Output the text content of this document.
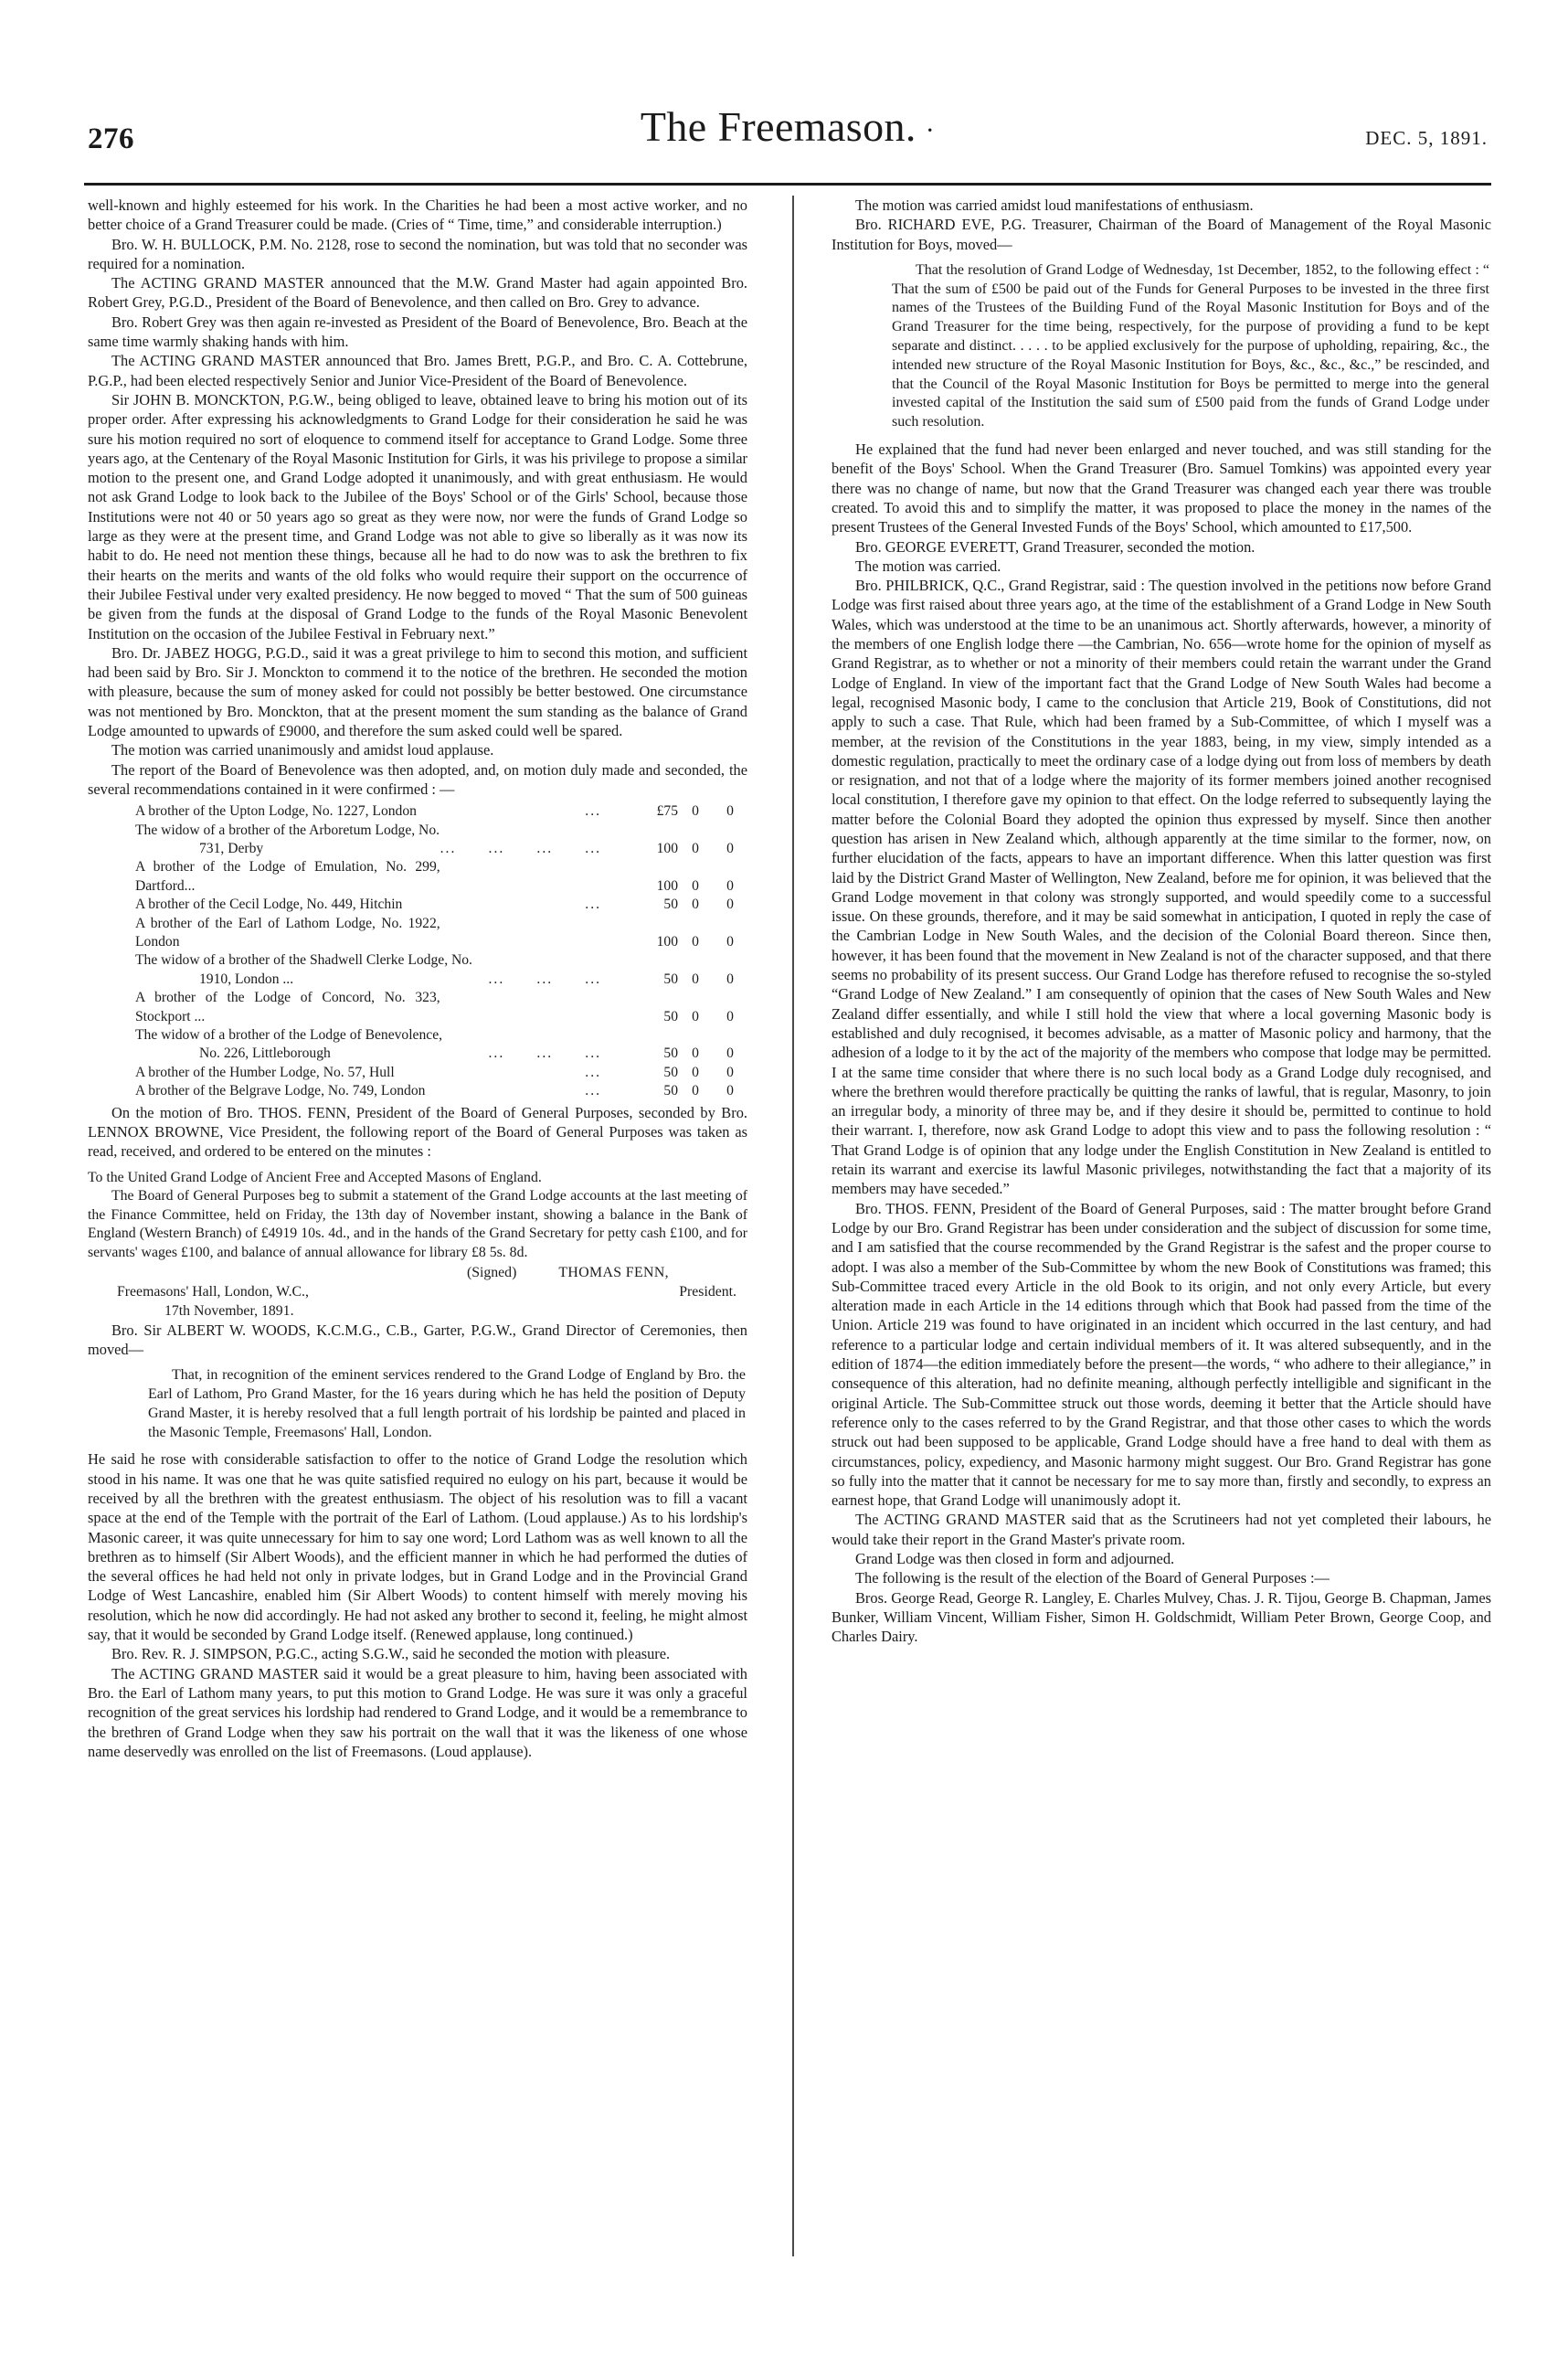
276	The Freemason. ·	DEC. 5, 1891.

well-known and highly esteemed for his work. In the Charities he had been a most active worker, and no better choice of a Grand Treasurer could be made. (Cries of “ Time, time,” and considerable interruption.)

Bro. W. H. BULLOCK, P.M. No. 2128, rose to second the nomination, but was told that no seconder was required for a nomination.

The ACTING GRAND MASTER announced that the M.W. Grand Master had again appointed Bro. Robert Grey, P.G.D., President of the Board of Benevolence, and then called on Bro. Grey to advance.

Bro. Robert Grey was then again re-invested as President of the Board of Benevolence, Bro. Beach at the same time warmly shaking hands with him.

The ACTING GRAND MASTER announced that Bro. James Brett, P.G.P., and Bro. C. A. Cottebrune, P.G.P., had been elected respectively Senior and Junior Vice-President of the Board of Benevolence.

Sir JOHN B. MONCKTON, P.G.W., being obliged to leave, obtained leave to bring his motion out of its proper order. After expressing his acknowledgments to Grand Lodge for their consideration he said he was sure his motion required no sort of eloquence to commend itself for acceptance to Grand Lodge. Some three years ago, at the Centenary of the Royal Masonic Institution for Girls, it was his privilege to propose a similar motion to the present one, and Grand Lodge adopted it unanimously, and with great enthusiasm. He would not ask Grand Lodge to look back to the Jubilee of the Boys' School or of the Girls' School, because those Institutions were not 40 or 50 years ago so great as they were now, nor were the funds of Grand Lodge so large as they were at the present time, and Grand Lodge was not able to give so liberally as it was now its habit to do. He need not mention these things, because all he had to do now was to ask the brethren to fix their hearts on the merits and wants of the old folks who would require their support on the occurrence of their Jubilee Festival under very exalted presidency. He now begged to moved “ That the sum of 500 guineas be given from the funds at the disposal of Grand Lodge to the funds of the Royal Masonic Benevolent Institution on the occasion of the Jubilee Festival in February next.”

Bro. Dr. JABEZ HOGG, P.G.D., said it was a great privilege to him to second this motion, and sufficient had been said by Bro. Sir J. Monckton to commend it to the notice of the brethren. He seconded the motion with pleasure, because the sum of money asked for could not possibly be better bestowed. One circumstance was not mentioned by Bro. Monckton, that at the present moment the sum standing as the balance of Grand Lodge amounted to upwards of £9000, and therefore the sum asked could well be spared.

The motion was carried unanimously and amidst loud applause.

The report of the Board of Benevolence was then adopted, and, on motion duly made and seconded, the several recommendations contained in it were confirmed : —

A brother of the Upton Lodge, No. 1227, London	...	£75	0	0
The widow of a brother of the Arboretum Lodge, No.				
731, Derby	...  ...  ...  ...	100	0	0
A brother of the Lodge of Emulation, No. 299, Dartford...		100	0	0
A brother of the Cecil Lodge, No. 449, Hitchin	...	50	0	0
A brother of the Earl of Lathom Lodge, No. 1922, London		100	0	0
The widow of a brother of the Shadwell Clerke Lodge, No.				
1910, London ...	...  ...  ...	50	0	0
A brother of the Lodge of Concord, No. 323, Stockport ...		50	0	0
The widow of a brother of the Lodge of Benevolence,				
No. 226, Littleborough	...  ...  ...	50	0	0
A brother of the Humber Lodge, No. 57, Hull	...	50	0	0
A brother of the Belgrave Lodge, No. 749, London	...	50	0	0

On the motion of Bro. THOS. FENN, President of the Board of General Purposes, seconded by Bro. LENNOX BROWNE, Vice President, the following report of the Board of General Purposes was taken as read, received, and ordered to be entered on the minutes :

To the United Grand Lodge of Ancient Free and Accepted Masons of England.

The Board of General Purposes beg to submit a statement of the Grand Lodge accounts at the last meeting of the Finance Committee, held on Friday, the 13th day of November instant, showing a balance in the Bank of England (Western Branch) of £4919 10s. 4d., and in the hands of the Grand Secretary for petty cash £100, and for servants' wages £100, and balance of annual allowance for library £8 5s. 8d.

(Signed)	THOMAS FENN,
Freemasons' Hall, London, W.C.,	President.
17th November, 1891.

Bro. Sir ALBERT W. WOODS, K.C.M.G., C.B., Garter, P.G.W., Grand Director of Ceremonies, then moved—

That, in recognition of the eminent services rendered to the Grand Lodge of England by Bro. the Earl of Lathom, Pro Grand Master, for the 16 years during which he has held the position of Deputy Grand Master, it is hereby resolved that a full length portrait of his lordship be painted and placed in the Masonic Temple, Freemasons' Hall, London.

He said he rose with considerable satisfaction to offer to the notice of Grand Lodge the resolution which stood in his name. It was one that he was quite satisfied required no eulogy on his part, because it would be received by all the brethren with the greatest enthusiasm. The object of his resolution was to fill a vacant space at the end of the Temple with the portrait of the Earl of Lathom. (Loud applause.) As to his lordship's Masonic career, it was quite unnecessary for him to say one word; Lord Lathom was as well known to all the brethren as to himself (Sir Albert Woods), and the efficient manner in which he had performed the duties of the several offices he had held not only in private lodges, but in Grand Lodge and in the Provincial Grand Lodge of West Lancashire, enabled him (Sir Albert Woods) to content himself with merely moving his resolution, which he now did accordingly. He had not asked any brother to second it, feeling, he might almost say, that it would be seconded by Grand Lodge itself. (Renewed applause, long continued.)

Bro. Rev. R. J. SIMPSON, P.G.C., acting S.G.W., said he seconded the motion with pleasure.

The ACTING GRAND MASTER said it would be a great pleasure to him, having been associated with Bro. the Earl of Lathom many years, to put this motion to Grand Lodge. He was sure it was only a graceful recognition of the great services his lordship had rendered to Grand Lodge, and it would be a remembrance to the brethren of Grand Lodge when they saw his portrait on the wall that it was the likeness of one whose name deservedly was enrolled on the list of Freemasons. (Loud applause).

The motion was carried amidst loud manifestations of enthusiasm.

Bro. RICHARD EVE, P.G. Treasurer, Chairman of the Board of Management of the Royal Masonic Institution for Boys, moved—

That the resolution of Grand Lodge of Wednesday, 1st December, 1852, to the following effect : “ That the sum of £500 be paid out of the Funds for General Purposes to be invested in the three first names of the Trustees of the Building Fund of the Royal Masonic Institution for Boys and of the Grand Treasurer for the time being, respectively, for the purpose of providing a fund to be kept separate and distinct. . . . . to be applied exclusively for the purpose of upholding, repairing, &c., the intended new structure of the Royal Masonic Institution for Boys, &c., &c., &c.,” be rescinded, and that the Council of the Royal Masonic Institution for Boys be permitted to merge into the general invested capital of the Institution the said sum of £500 paid from the funds of Grand Lodge under such resolution.

He explained that the fund had never been enlarged and never touched, and was still standing for the benefit of the Boys' School. When the Grand Treasurer (Bro. Samuel Tomkins) was appointed every year there was no change of name, but now that the Grand Treasurer was changed each year there was trouble created. To avoid this and to simplify the matter, it was proposed to place the money in the names of the present Trustees of the General Invested Funds of the Boys' School, which amounted to £17,500.

Bro. GEORGE EVERETT, Grand Treasurer, seconded the motion.

The motion was carried.

Bro. PHILBRICK, Q.C., Grand Registrar, said : The question involved in the petitions now before Grand Lodge was first raised about three years ago, at the time of the establishment of a Grand Lodge in New South Wales, which was understood at the time to be an unanimous act. Shortly afterwards, however, a minority of the members of one English lodge there —the Cambrian, No. 656—wrote home for the opinion of myself as Grand Registrar, as to whether or not a minority of their members could retain the warrant under the Grand Lodge of England. In view of the important fact that the Grand Lodge of New South Wales had become a legal, recognised Masonic body, I came to the conclusion that Article 219, Book of Constitutions, did not apply to such a case. That Rule, which had been framed by a Sub-Committee, of which I myself was a member, at the revision of the Constitutions in the year 1883, being, in my view, simply intended as a domestic regulation, practically to meet the ordinary case of a lodge dying out from loss of members by death or resignation, and not that of a lodge where the majority of its former members joined another recognised local constitution, I therefore gave my opinion to that effect. On the lodge referred to subsequently laying the matter before the Colonial Board they adopted the opinion thus expressed by myself. Since then another question has arisen in New Zealand which, although apparently at the time similar to the former, now, on further elucidation of the facts, appears to have an important difference. When this latter question was first laid by the District Grand Master of Wellington, New Zealand, before me for opinion, it was believed that the Grand Lodge movement in that colony was strongly supported, and would speedily come to a successful issue. On these grounds, therefore, and it may be said somewhat in anticipation, I quoted in reply the case of the Cambrian Lodge in New South Wales, and the decision of the Colonial Board thereon. Since then, however, it has been found that the movement in New Zealand is not of the character supposed, and that there seems no probability of its present success. Our Grand Lodge has therefore refused to recognise the so-styled “Grand Lodge of New Zealand.” I am consequently of opinion that the cases of New South Wales and New Zealand differ essentially, and while I still hold the view that where a local governing Masonic body is established and duly recognised, it becomes advisable, as a matter of Masonic policy and harmony, that the adhesion of a lodge to it by the act of the majority of the members who compose that lodge may be permitted. I at the same time consider that where there is no such local body as a Grand Lodge duly recognised, and where the brethren would therefore practically be quitting the ranks of lawful, that is regular, Masonry, to join an irregular body, a minority of three may be, and if they desire it should be, permitted to continue to hold their warrant. I, therefore, now ask Grand Lodge to adopt this view and to pass the following resolution : “ That Grand Lodge is of opinion that any lodge under the English Constitution in New Zealand is entitled to retain its warrant and exercise its lawful Masonic privileges, notwithstanding the fact that a majority of its members may have seceded.”

Bro. THOS. FENN, President of the Board of General Purposes, said : The matter brought before Grand Lodge by our Bro. Grand Registrar has been under consideration and the subject of discussion for some time, and I am satisfied that the course recommended by the Grand Registrar is the safest and the proper course to adopt. I was also a member of the Sub-Committee by whom the new Book of Constitutions was framed; this Sub-Committee traced every Article in the old Book to its origin, and not only every Article, but every alteration made in each Article in the 14 editions through which that Book had passed from the time of the Union. Article 219 was found to have originated in an incident which occurred in the last century, and had reference to a particular lodge and certain individual members of it. It was altered subsequently, and in the edition of 1874—the edition immediately before the present—the words, “ who adhere to their allegiance,” in consequence of this alteration, had no definite meaning, although perfectly intelligible and significant in the original Article. The Sub-Committee struck out those words, deeming it better that the Article should have reference only to the cases referred to by the Grand Registrar, and that those other cases to which the words struck out had been supposed to be applicable, Grand Lodge should have a free hand to deal with them as circumstances, policy, expediency, and Masonic harmony might suggest. Our Bro. Grand Registrar has gone so fully into the matter that it cannot be necessary for me to say more than, firstly and secondly, to express an earnest hope, that Grand Lodge will unanimously adopt it.

The ACTING GRAND MASTER said that as the Scrutineers had not yet completed their labours, he would take their report in the Grand Master's private room.

Grand Lodge was then closed in form and adjourned.

The following is the result of the election of the Board of General Purposes :—

Bros. George Read, George R. Langley, E. Charles Mulvey, Chas. J. R. Tijou, George B. Chapman, James Bunker, William Vincent, William Fisher, Simon H. Goldschmidt, William Peter Brown, George Coop, and Charles Dairy.
